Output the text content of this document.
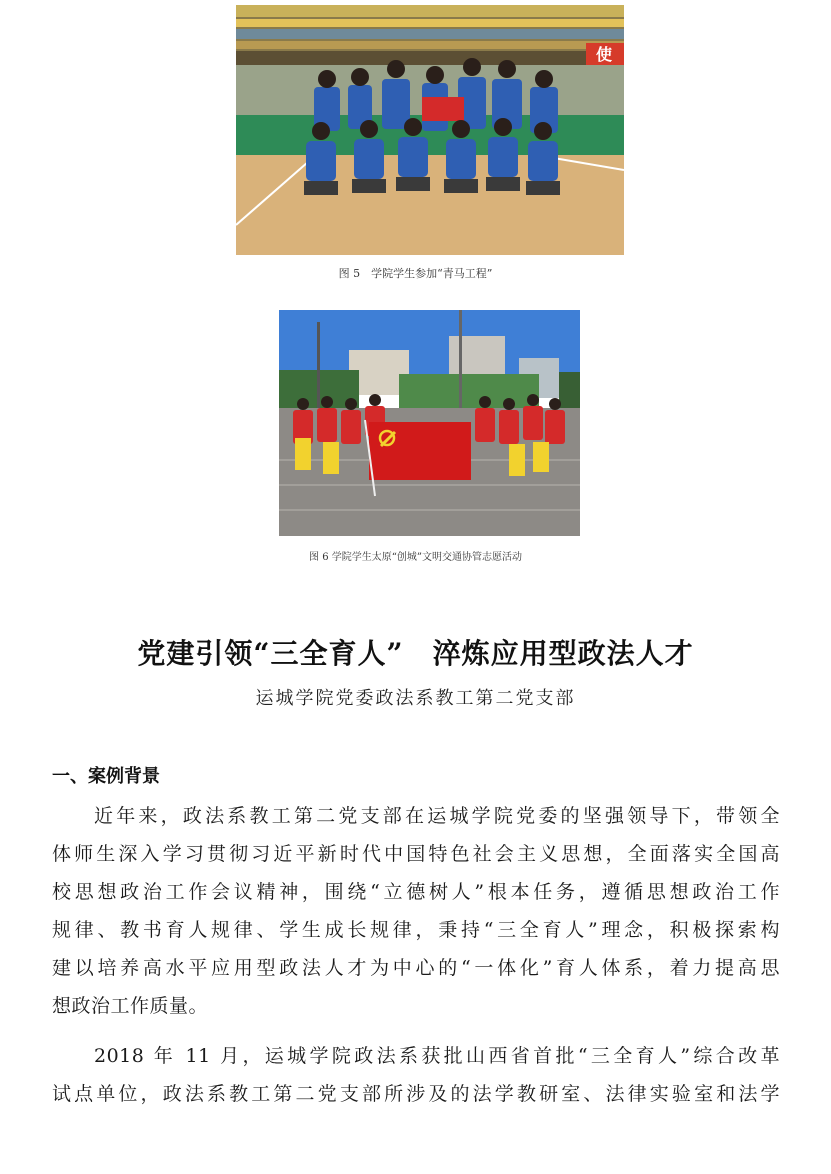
使
图 5　学院学生参加“青马工程”
图 6 学院学生太原“创城”文明交通协管志愿活动
党建引领“三全育人”　淬炼应用型政法人才
运城学院党委政法系教工第二党支部
一、案例背景
近年来，政法系教工第二党支部在运城学院党委的坚强领导下，带领全
体师生深入学习贯彻习近平新时代中国特色社会主义思想，全面落实全国高
校思想政治工作会议精神，围绕“立德树人”根本任务，遵循思想政治工作
规律、教书育人规律、学生成长规律，秉持“三全育人”理念，积极探索构
建以培养高水平应用型政法人才为中心的“一体化”育人体系，着力提高思
想政治工作质量。
2018 年 11 月，运城学院政法系获批山西省首批“三全育人”综合改革
试点单位，政法系教工第二党支部所涉及的法学教研室、法律实验室和法学
